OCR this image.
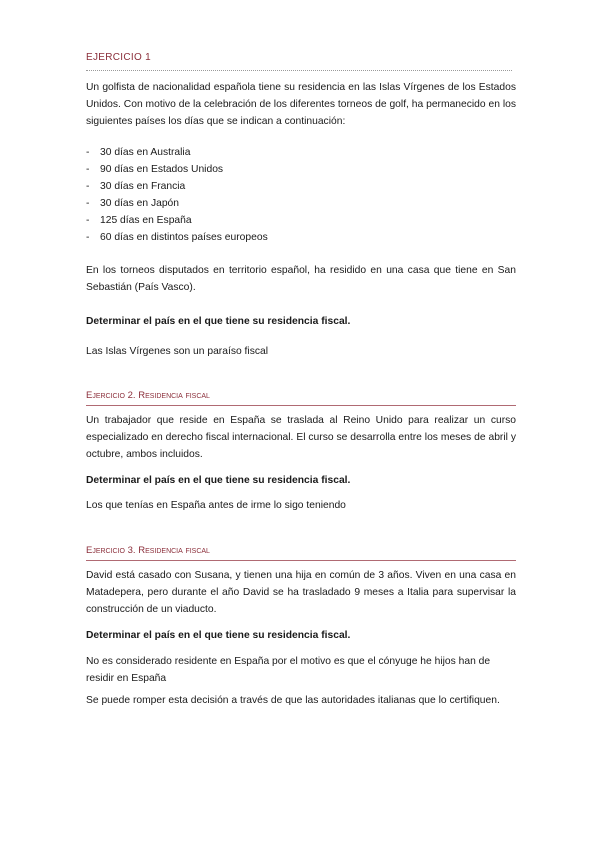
EJERCICIO 1

Un golfista de nacionalidad española tiene su residencia en las Islas Vírgenes de los Estados Unidos. Con motivo de la celebración de los diferentes torneos de golf, ha permanecido en los siguientes países los días que se indican a continuación:

- 30 días en Australia
- 90 días en Estados Unidos
- 30 días en Francia
- 30 días en Japón
- 125 días en España
- 60 días en distintos países europeos

En los torneos disputados en territorio español, ha residido en una casa que tiene en San Sebastián (País Vasco).

Determinar el país en el que tiene su residencia fiscal.
Las Islas Vírgenes son un paraíso fiscal
Ejercicio 2. Residencia fiscal

Un trabajador que reside en España se traslada al Reino Unido para realizar un curso especializado en derecho fiscal internacional. El curso se desarrolla entre los meses de abril y octubre, ambos incluidos.

Determinar el país en el que tiene su residencia fiscal.
Los que tenías en España antes de irme lo sigo teniendo
Ejercicio 3. Residencia fiscal

David está casado con Susana, y tienen una hija en común de 3 años. Viven en una casa en Matadepera, pero durante el año David se ha trasladado 9 meses a Italia para supervisar la construcción de un viaducto.

Determinar el país en el que tiene su residencia fiscal.

No es considerado residente en España por el motivo es que el cónyuge he hijos han de residir en España

Se puede romper esta decisión a través de que las autoridades italianas que lo certifiquen.
